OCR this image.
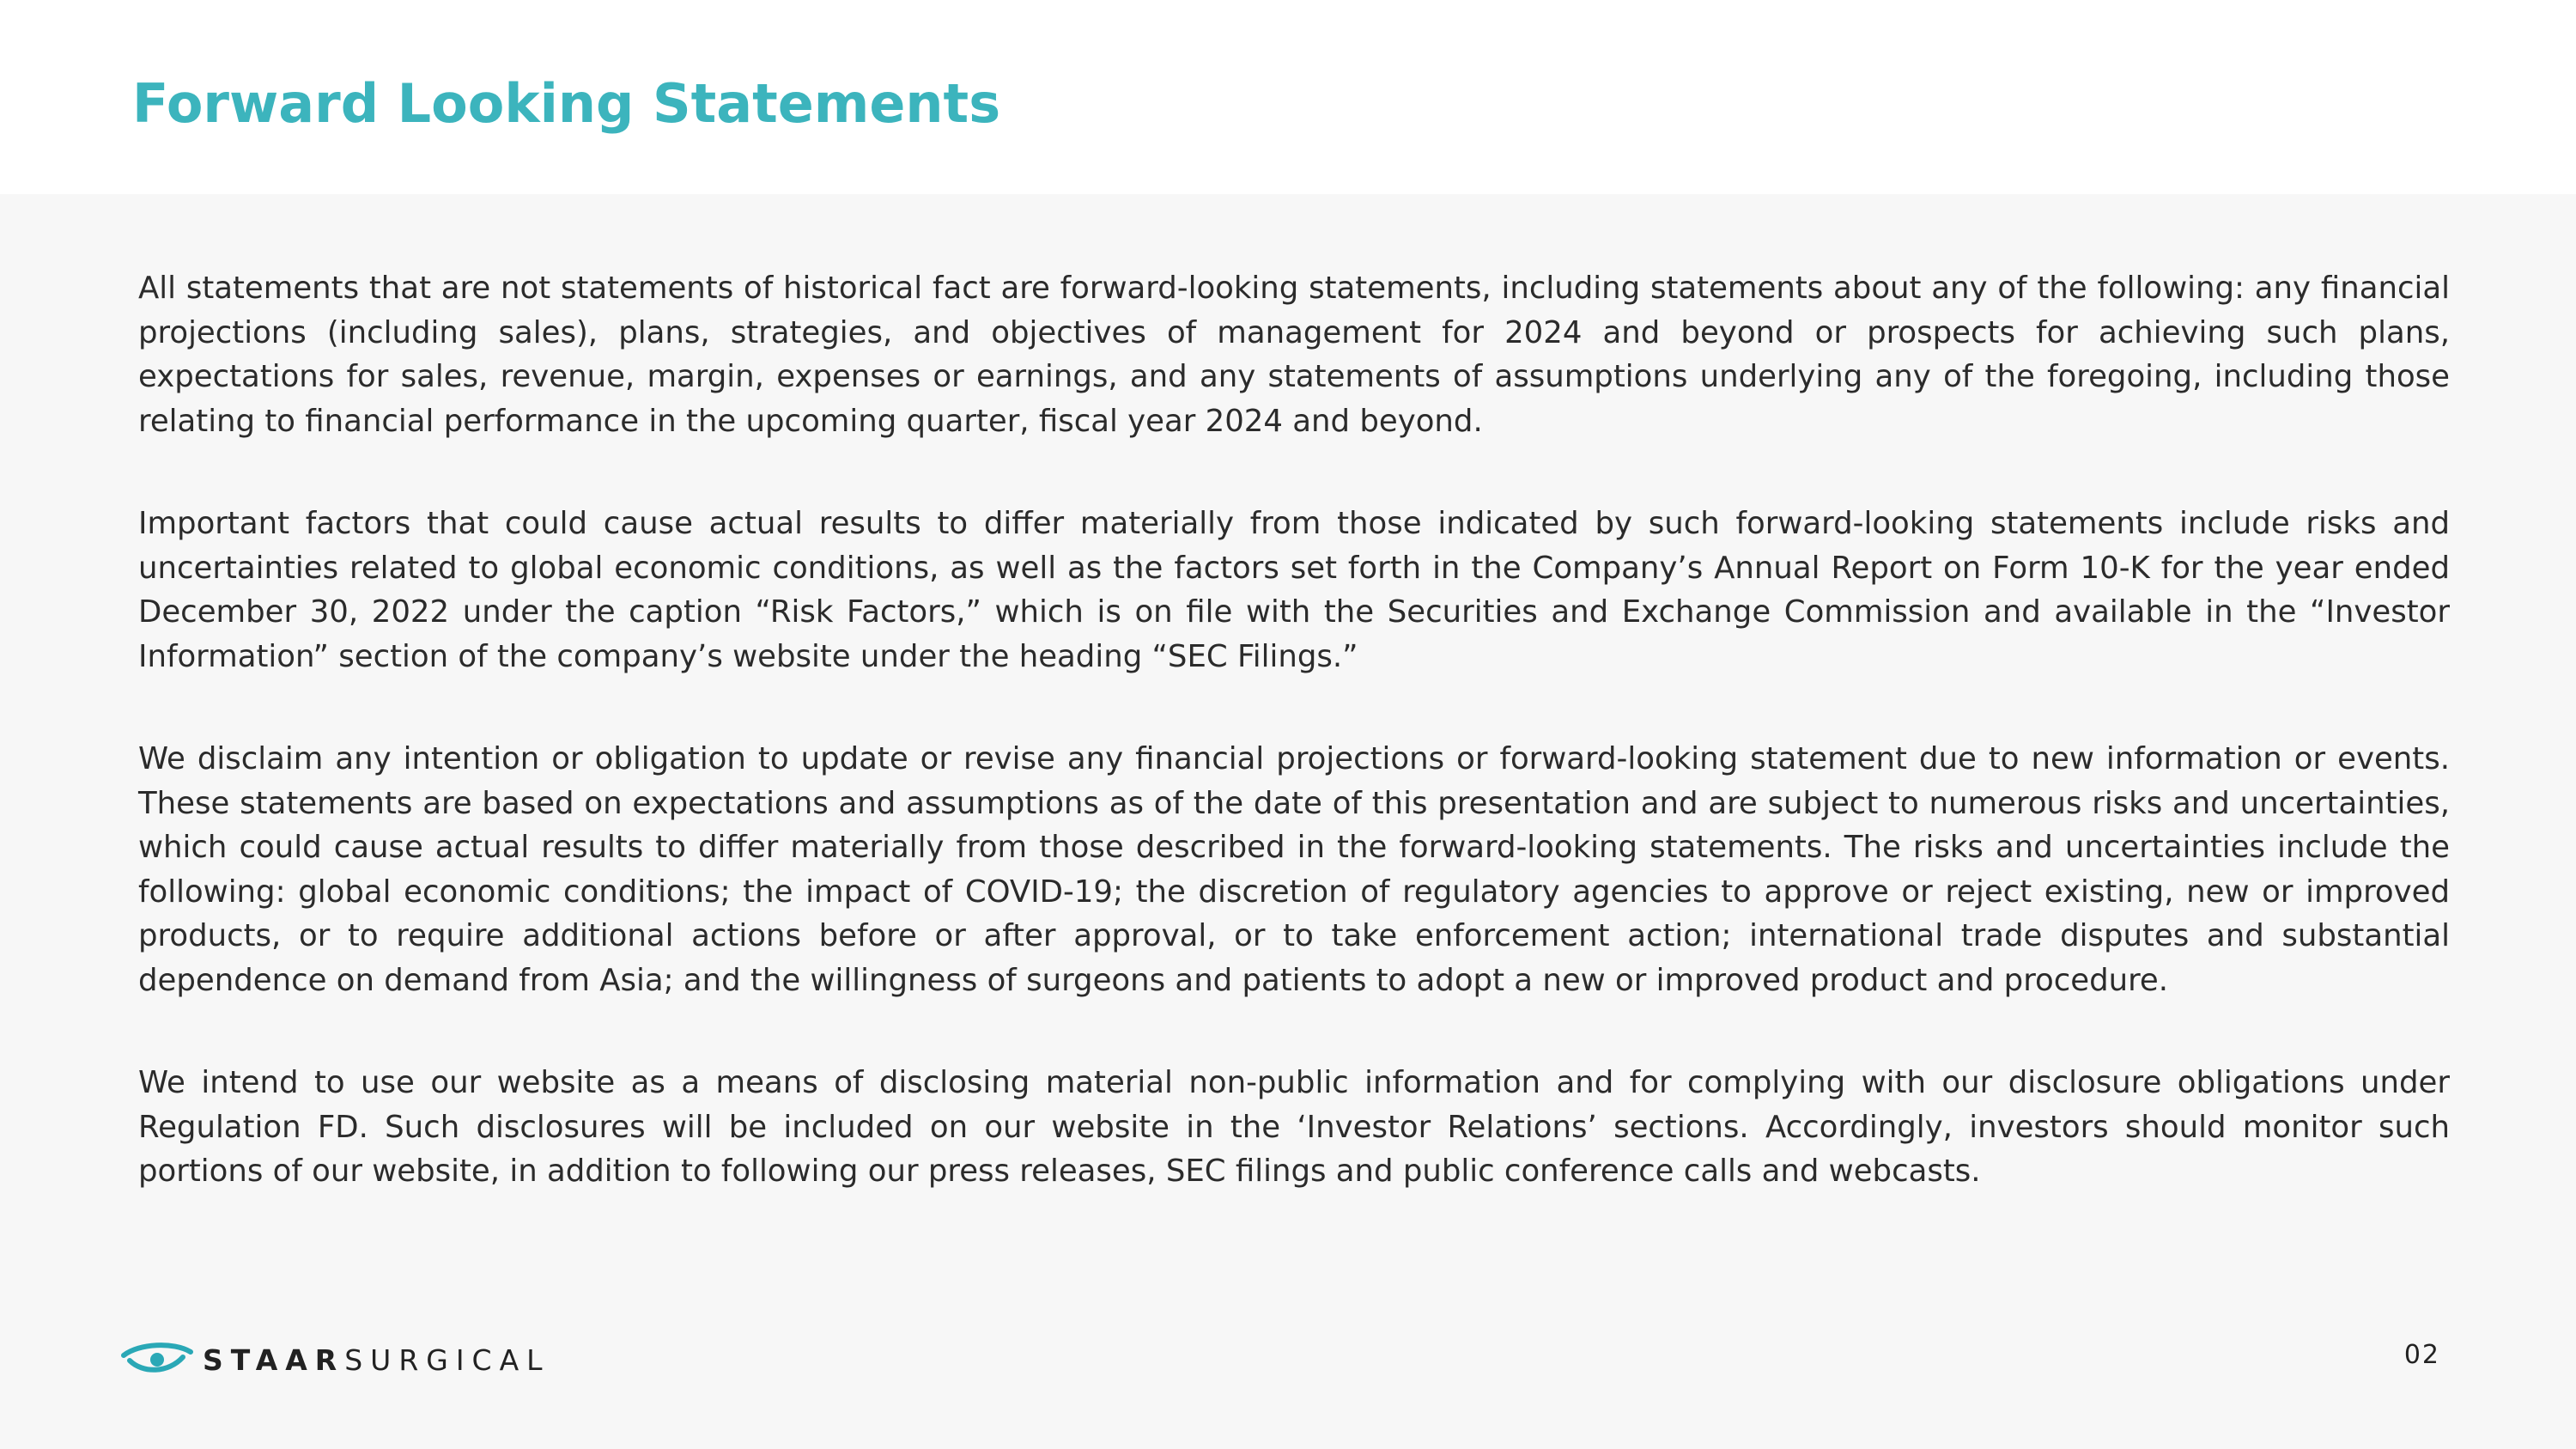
Forward Looking Statements

All statements that are not statements of historical fact are forward-looking statements, including statements about any of the following: any financial projections (including sales), plans, strategies, and objectives of management for 2024 and beyond or prospects for achieving such plans, expectations for sales, revenue, margin, expenses or earnings, and any statements of assumptions underlying any of the foregoing, including those relating to financial performance in the upcoming quarter, fiscal year 2024 and beyond.

Important factors that could cause actual results to differ materially from those indicated by such forward-looking statements include risks and uncertainties related to global economic conditions, as well as the factors set forth in the Company’s Annual Report on Form 10-K for the year ended December 30, 2022 under the caption “Risk Factors,” which is on file with the Securities and Exchange Commission and available in the “Investor Information” section of the company’s website under the heading “SEC Filings.”

We disclaim any intention or obligation to update or revise any financial projections or forward-looking statement due to new information or events. These statements are based on expectations and assumptions as of the date of this presentation and are subject to numerous risks and uncertainties, which could cause actual results to differ materially from those described in the forward-looking statements. The risks and uncertainties include the following: global economic conditions; the impact of COVID-19; the discretion of regulatory agencies to approve or reject existing, new or improved products, or to require additional actions before or after approval, or to take enforcement action; international trade disputes and substantial dependence on demand from Asia; and the willingness of surgeons and patients to adopt a new or improved product and procedure.

We intend to use our website as a means of disclosing material non-public information and for complying with our disclosure obligations under Regulation FD. Such disclosures will be included on our website in the ‘Investor Relations’ sections. Accordingly, investors should monitor such portions of our website, in addition to following our press releases, SEC filings and public conference calls and webcasts.

STAARSURGICAL	02
